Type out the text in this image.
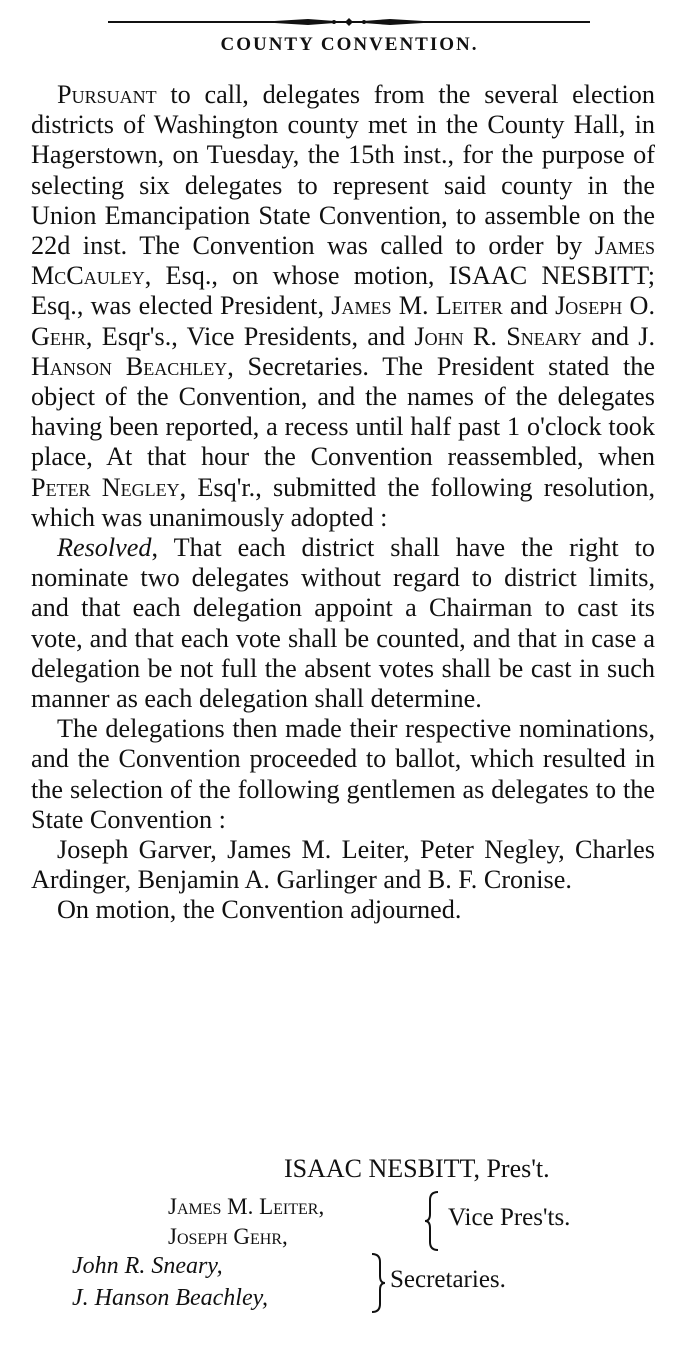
COUNTY CONVENTION.

Pursuant to call, delegates from the several election districts of Washington county met in the County Hall, in Hagerstown, on Tuesday, the 15th inst., for the purpose of selecting six delegates to represent said county in the Union Emancipation State Convention, to assemble on the 22d inst. The Convention was called to order by James McCauley, Esq., on whose motion, ISAAC NESBITT; Esq., was elected President, James M. Leiter and Joseph O. Gehr, Esqr's., Vice Presidents, and John R. Sneary and J. Hanson Beachley, Secretaries. The President stated the object of the Convention, and the names of the delegates having been reported, a recess until half past 1 o'clock took place, At that hour the Convention reassembled, when Peter Negley, Esq'r., submitted the following resolution, which was unanimously adopted :

Resolved, That each district shall have the right to nominate two delegates without regard to district limits, and that each delegation appoint a Chairman to cast its vote, and that each vote shall be counted, and that in case a delegation be not full the absent votes shall be cast in such manner as each delegation shall determine.

The delegations then made their respective nominations, and the Convention proceeded to ballot, which resulted in the selection of the following gentlemen as delegates to the State Convention :

Joseph Garver, James M. Leiter, Peter Negley, Charles Ardinger, Benjamin A. Garlinger and B. F. Cronise.

On motion, the Convention adjourned.

ISAAC NESBITT, Pres't.
James M. Leiter,
Joseph Gehr,
Vice Pres'ts.
John R. Sneary,
J. Hanson Beachley,
Secretaries.
